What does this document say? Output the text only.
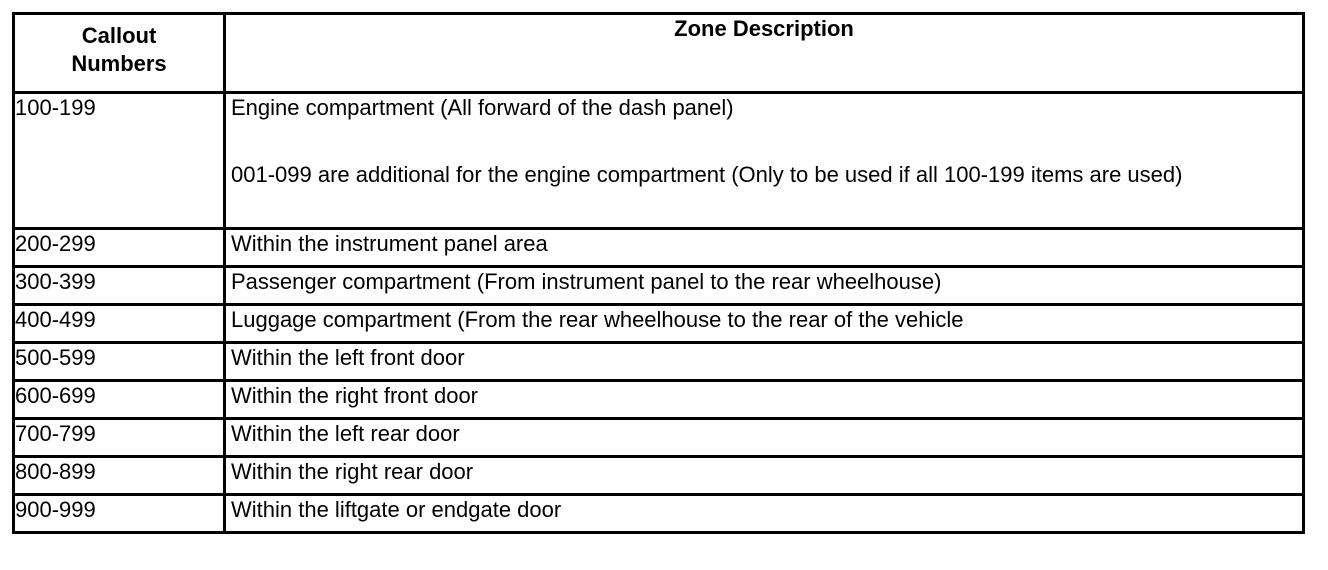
Callout
Numbers	Zone Description
100-199	Engine compartment (All forward of the dash panel)
001-099 are additional for the engine compartment (Only to be used if all 100-199 items are used)

200-299	Within the instrument panel area
300-399	Passenger compartment (From instrument panel to the rear wheelhouse)
400-499	Luggage compartment (From the rear wheelhouse to the rear of the vehicle
500-599	Within the left front door
600-699	Within the right front door
700-799	Within the left rear door
800-899	Within the right rear door
900-999	Within the liftgate or endgate door
